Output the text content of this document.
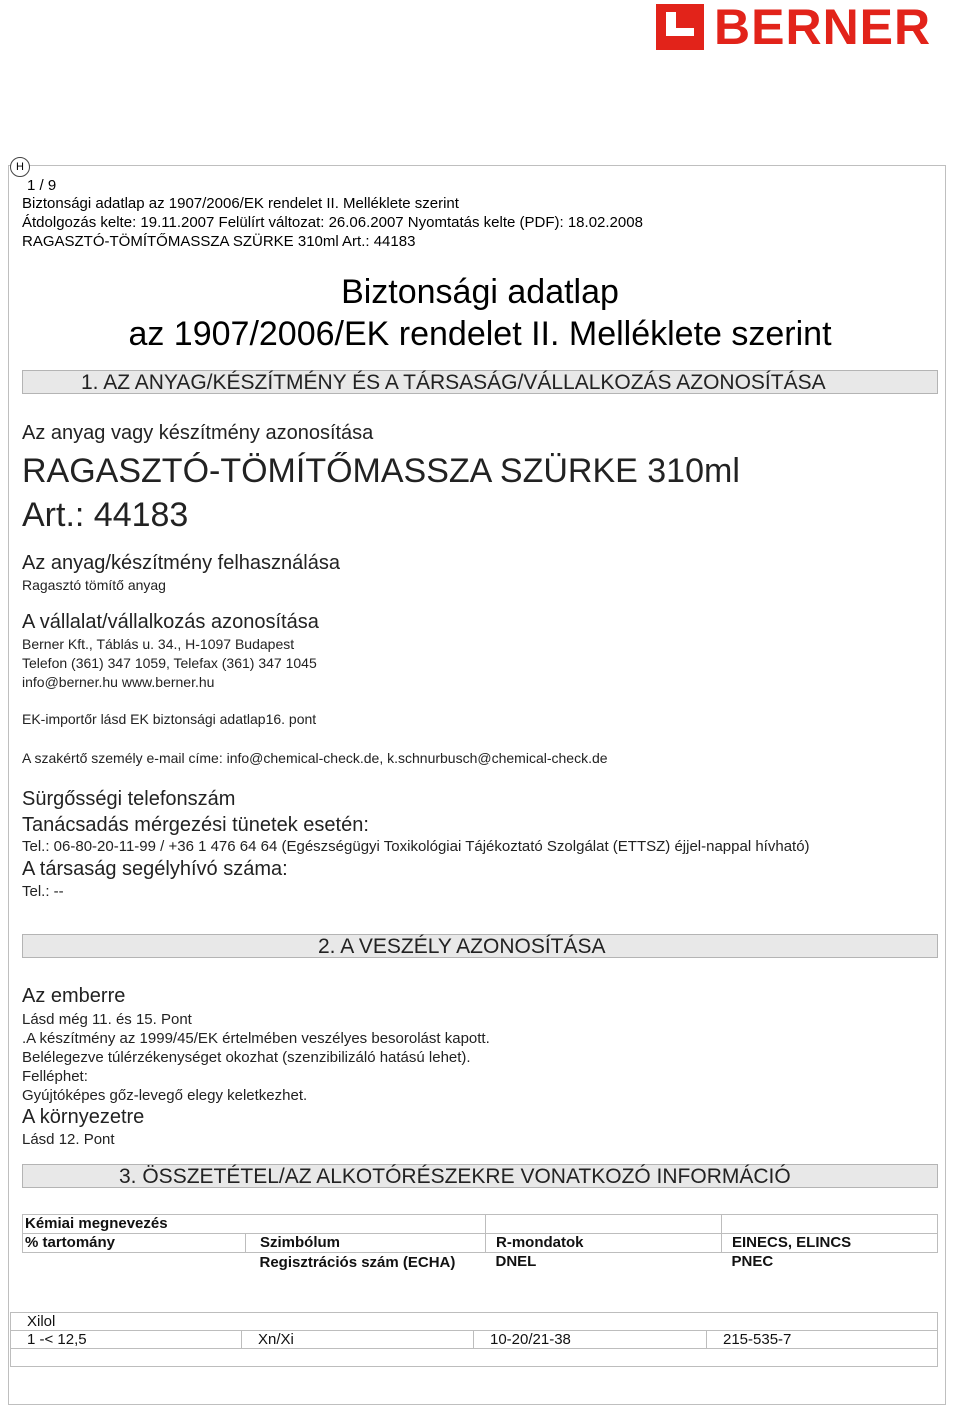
BERNER
H
1 / 9
Biztonsági adatlap az 1907/2006/EK rendelet II. Melléklete szerint
Átdolgozás kelte: 19.11.2007 Felülírt változat: 26.06.2007 Nyomtatás kelte (PDF): 18.02.2008
RAGASZTÓ-TÖMÍTŐMASSZA SZÜRKE 310ml Art.: 44183
Biztonsági adatlap
az 1907/2006/EK rendelet II. Melléklete szerint
1. AZ ANYAG/KÉSZÍTMÉNY ÉS A TÁRSASÁG/VÁLLALKOZÁS AZONOSÍTÁSA
Az anyag vagy készítmény azonosítása
RAGASZTÓ-TÖMÍTŐMASSZA SZÜRKE 310ml
Art.: 44183
Az anyag/készítmény felhasználása
Ragasztó tömítő anyag
A vállalat/vállalkozás azonosítása
Berner Kft., Táblás u. 34., H-1097 Budapest
Telefon (361) 347 1059, Telefax (361) 347 1045
info@berner.hu www.berner.hu
EK-importőr lásd EK biztonsági adatlap16. pont
A szakértő személy e-mail címe: info@chemical-check.de, k.schnurbusch@chemical-check.de
Sürgősségi telefonszám
Tanácsadás mérgezési tünetek esetén:
Tel.: 06-80-20-11-99 / +36 1 476 64 64 (Egészségügyi Toxikológiai Tájékoztató Szolgálat (ETTSZ) éjjel-nappal hívható)
A társaság segélyhívó száma:
Tel.: --
2. A VESZÉLY AZONOSÍTÁSA
Az emberre
Lásd még 11. és 15. Pont
.A készítmény az 1999/45/EK értelmében veszélyes besorolást kapott.
Belélegezve túlérzékenységet okozhat (szenzibilizáló hatású lehet).
Felléphet:
Gyújtóképes gőz-levegő elegy keletkezhet.
A környezetre
Lásd 12. Pont
3. ÖSSZETÉTEL/AZ ALKOTÓRÉSZEKRE VONATKOZÓ INFORMÁCIÓ
Kémiai megnevezés			
% tartomány	Szimbólum	R-mondatok	EINECS, ELINCS
	Regisztrációs szám (ECHA)	DNEL	PNEC
Xilol
1 -< 12,5	Xn/Xi	10-20/21-38	215-535-7
